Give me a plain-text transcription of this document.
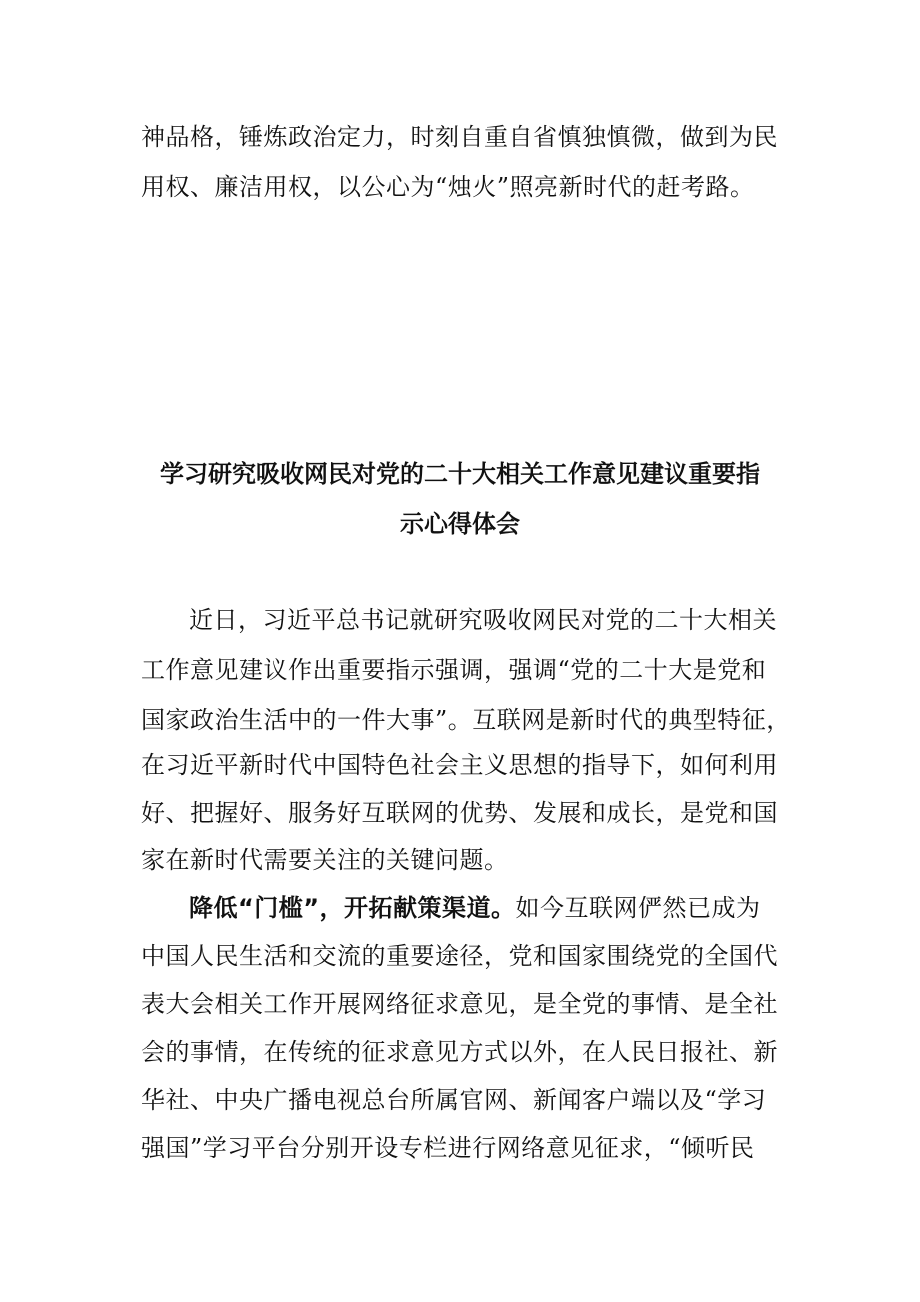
神品格，锤炼政治定力，时刻自重自省慎独慎微，做到为民
用权、廉洁用权，以公心为“烛火”照亮新时代的赶考路。
学习研究吸收网民对党的二十大相关工作意见建议重要指
示心得体会
近日，习近平总书记就研究吸收网民对党的二十大相关
工作意见建议作出重要指示强调，强调“党的二十大是党和
国家政治生活中的一件大事”。互联网是新时代的典型特征，
在习近平新时代中国特色社会主义思想的指导下，如何利用
好、把握好、服务好互联网的优势、发展和成长，是党和国
家在新时代需要关注的关键问题。
降低“门槛”，开拓献策渠道。如今互联网俨然已成为
中国人民生活和交流的重要途径，党和国家围绕党的全国代
表大会相关工作开展网络征求意见，是全党的事情、是全社
会的事情，在传统的征求意见方式以外，在人民日报社、新
华社、中央广播电视总台所属官网、新闻客户端以及“学习
强国”学习平台分别开设专栏进行网络意见征求，“倾听民
